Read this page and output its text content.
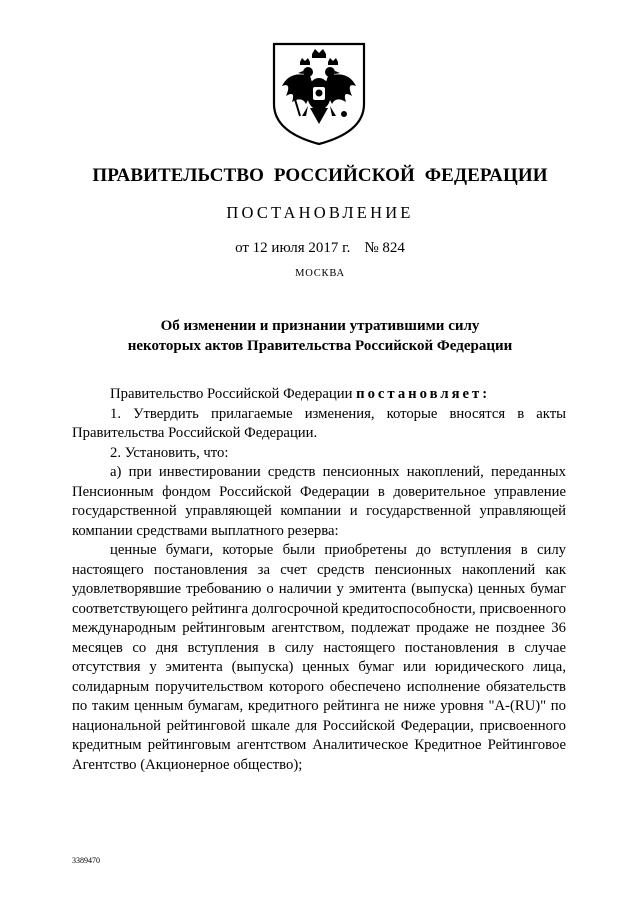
ПРАВИТЕЛЬСТВО РОССИЙСКОЙ ФЕДЕРАЦИИ
ПОСТАНОВЛЕНИЕ
от 12 июля 2017 г. № 824
МОСКВА
Об изменении и признании утратившими силу
некоторых актов Правительства Российской Федерации

Правительство Российской Федерации постановляет:

1. Утвердить прилагаемые изменения, которые вносятся в акты Правительства Российской Федерации.

2. Установить, что:

а) при инвестировании средств пенсионных накоплений, переданных Пенсионным фондом Российской Федерации в доверительное управление государственной управляющей компании и государственной управляющей компании средствами выплатного резерва:

ценные бумаги, которые были приобретены до вступления в силу настоящего постановления за счет средств пенсионных накоплений как удовлетворявшие требованию о наличии у эмитента (выпуска) ценных бумаг соответствующего рейтинга долгосрочной кредитоспособности, присвоенного международным рейтинговым агентством, подлежат продаже не позднее 36 месяцев со дня вступления в силу настоящего постановления в случае отсутствия у эмитента (выпуска) ценных бумаг или юридического лица, солидарным поручительством которого обеспечено исполнение обязательств по таким ценным бумагам, кредитного рейтинга не ниже уровня "A-(RU)" по национальной рейтинговой шкале для Российской Федерации, присвоенного кредитным рейтинговым агентством Аналитическое Кредитное Рейтинговое Агентство (Акционерное общество);

3389470
